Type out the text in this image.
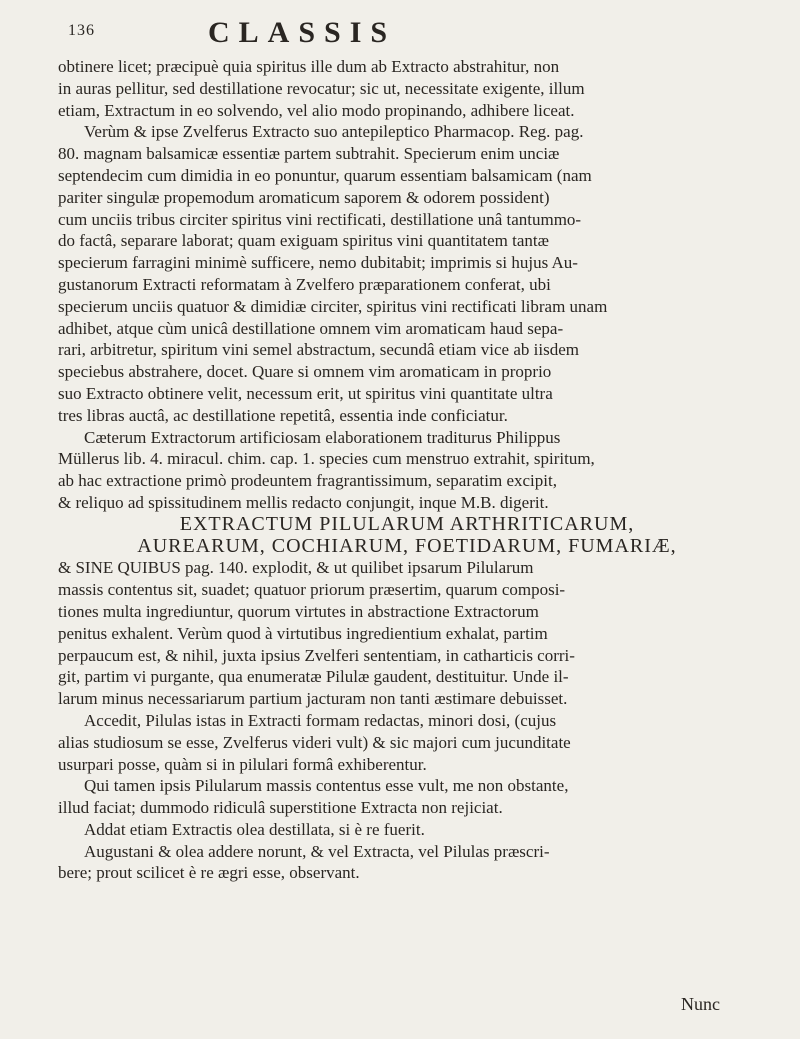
136	CLASSIS
obtinere licet; præcipuè quia spiritus ille dum ab Extracto abstrahitur, non
in auras pellitur, sed destillatione revocatur; sic ut, necessitate exigente, illum
etiam, Extractum in eo solvendo, vel alio modo propinando, adhibere liceat.
Verùm & ipse Zvelferus Extracto suo antepileptico Pharmacop. Reg. pag.
80. magnam balsamicæ essentiæ partem subtrahit. Specierum enim unciæ
septendecim cum dimidia in eo ponuntur, quarum essentiam balsamicam (nam
pariter singulæ propemodum aromaticum saporem & odorem possident)
cum unciis tribus circiter spiritus vini rectificati, destillatione unâ tantummo-
do factâ, separare laborat; quam exiguam spiritus vini quantitatem tantæ
specierum farragini minimè sufficere, nemo dubitabit; imprimis si hujus Au-
gustanorum Extracti reformatam à Zvelfero præparationem conferat, ubi
specierum unciis quatuor & dimidiæ circiter, spiritus vini rectificati libram unam
adhibet, atque cùm unicâ destillatione omnem vim aromaticam haud sepa-
rari, arbitretur, spiritum vini semel abstractum, secundâ etiam vice ab iisdem
speciebus abstrahere, docet. Quare si omnem vim aromaticam in proprio
suo Extracto obtinere velit, necessum erit, ut spiritus vini quantitate ultra
tres libras auctâ, ac destillatione repetitâ, essentia inde conficiatur.
Cæterum Extractorum artificiosam elaborationem traditurus Philippus
Müllerus lib. 4. miracul. chim. cap. 1. species cum menstruo extrahit, spiritum,
ab hac extractione primò prodeuntem fragrantissimum, separatim excipit,
& reliquo ad spissitudinem mellis redacto conjungit, inque M.B. digerit.
EXTRACTUM PILULARUM ARTHRITICARUM,
AUREARUM, COCHIARUM, FOETIDARUM, FUMARIÆ,
& SINE QUIBUS pag. 140. explodit, & ut quilibet ipsarum Pilularum
massis contentus sit, suadet; quatuor priorum præsertim, quarum composi-
tiones multa ingrediuntur, quorum virtutes in abstractione Extractorum
penitus exhalent. Verùm quod à virtutibus ingredientium exhalat, partim
perpaucum est, & nihil, juxta ipsius Zvelferi sententiam, in catharticis corri-
git, partim vi purgante, qua enumeratæ Pilulæ gaudent, destituitur. Unde il-
larum minus necessariarum partium jacturam non tanti æstimare debuisset.
Accedit, Pilulas istas in Extracti formam redactas, minori dosi, (cujus
alias studiosum se esse, Zvelferus videri vult) & sic majori cum jucunditate
usurpari posse, quàm si in pilulari formâ exhiberentur.
Qui tamen ipsis Pilularum massis contentus esse vult, me non obstante,
illud faciat; dummodo ridiculâ superstitione Extracta non rejiciat.
Addat etiam Extractis olea destillata, si è re fuerit.
Augustani & olea addere norunt, & vel Extracta, vel Pilulas præscri-
bere; prout scilicet è re ægri esse, observant.
Nunc
